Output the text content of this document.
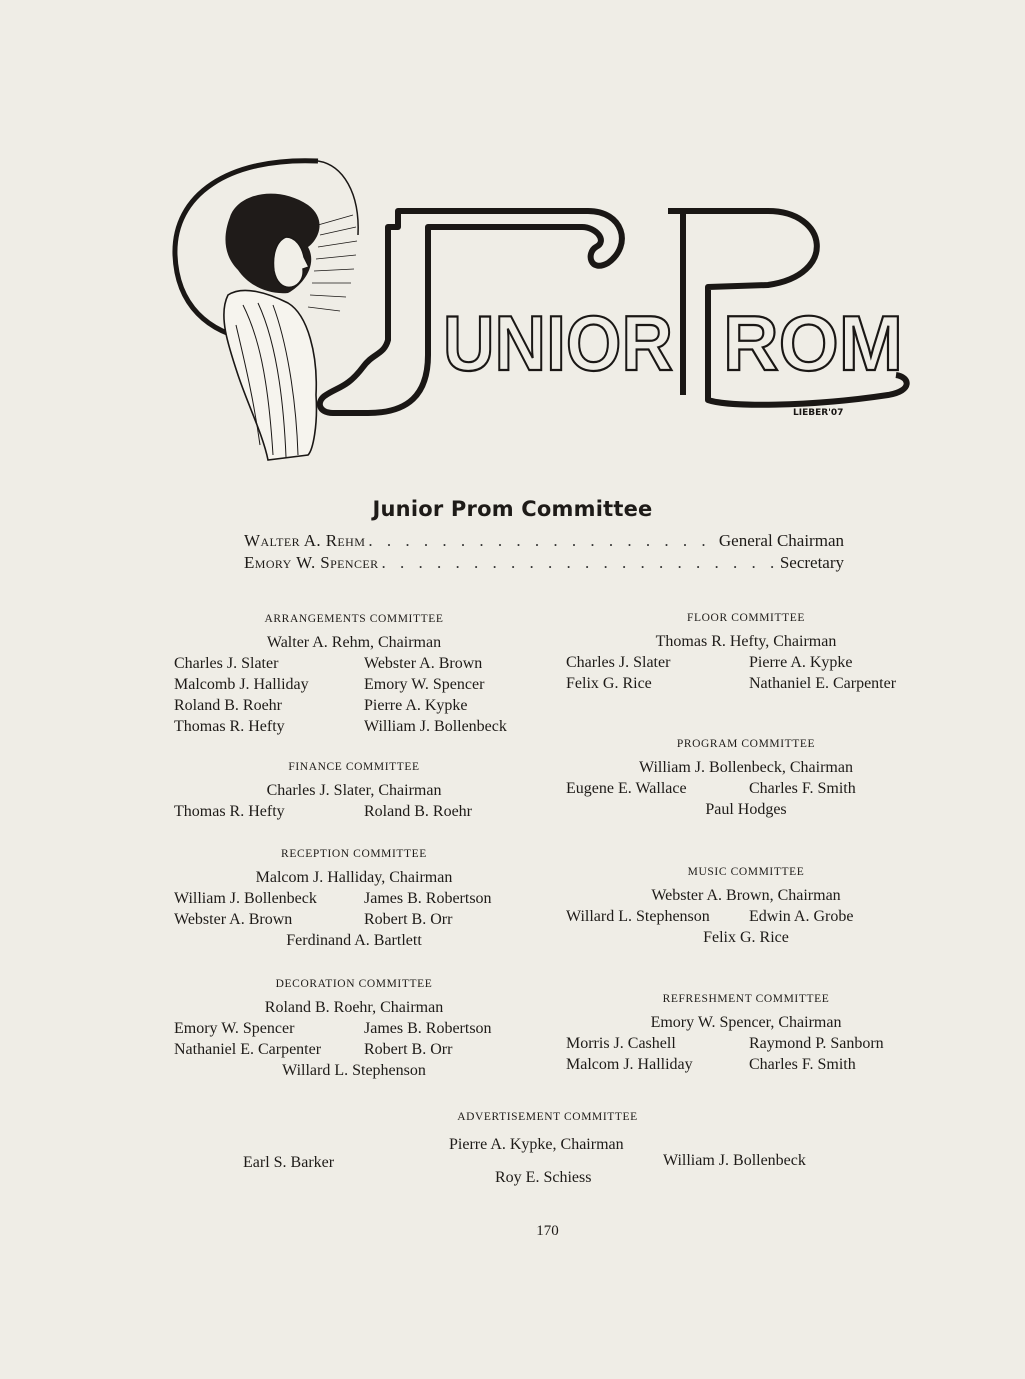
UNIOR ROM
LIEBER'07
Junior Prom Committee
Walter A. Rehm . . .	General Chairman
Emory W. Spencer . . .	Secretary
ARRANGEMENTS COMMITTEE
Walter A. Rehm, Chairman
Charles J. Slater	Webster A. Brown
Malcomb J. Halliday	Emory W. Spencer
Roland B. Roehr	Pierre A. Kypke
Thomas R. Hefty	William J. Bollenbeck
FINANCE COMMITTEE
Charles J. Slater, Chairman
Thomas R. Hefty	Roland B. Roehr
RECEPTION COMMITTEE
Malcom J. Halliday, Chairman
William J. Bollenbeck	James B. Robertson
Webster A. Brown	Robert B. Orr
Ferdinand A. Bartlett
DECORATION COMMITTEE
Roland B. Roehr, Chairman
Emory W. Spencer	James B. Robertson
Nathaniel E. Carpenter	Robert B. Orr
Willard L. Stephenson
FLOOR COMMITTEE
Thomas R. Hefty, Chairman
Charles J. Slater	Pierre A. Kypke
Felix G. Rice	Nathaniel E. Carpenter
PROGRAM COMMITTEE
William J. Bollenbeck, Chairman
Eugene E. Wallace	Charles F. Smith
Paul Hodges
MUSIC COMMITTEE
Webster A. Brown, Chairman
Willard L. Stephenson	Edwin A. Grobe
Felix G. Rice
REFRESHMENT COMMITTEE
Emory W. Spencer, Chairman
Morris J. Cashell	Raymond P. Sanborn
Malcom J. Halliday	Charles F. Smith
ADVERTISEMENT COMMITTEE
Pierre A. Kypke, Chairman
Earl S. Barker	William J. Bollenbeck
Roy E. Schiess
170
